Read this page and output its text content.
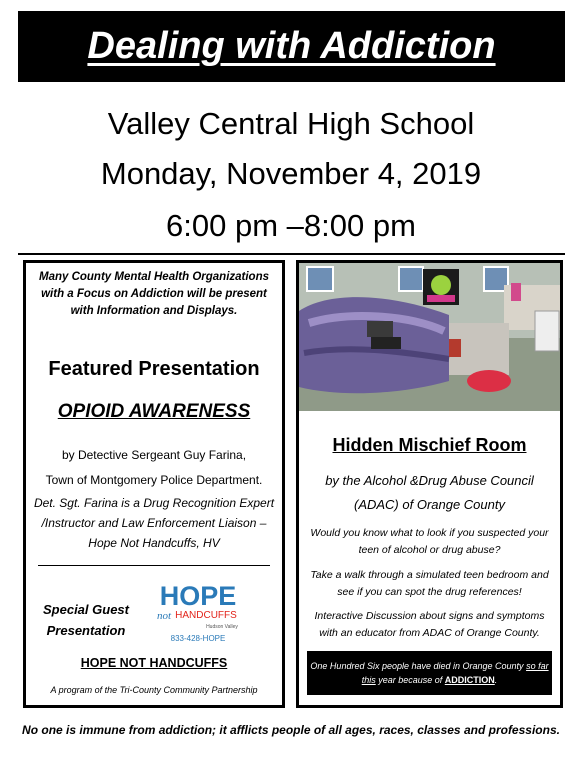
Dealing with Addiction
Valley Central High School
Monday, November 4, 2019
6:00 pm –8:00 pm
Many County Mental Health Organizations with a Focus on Addiction will be present with Information and Displays.
Featured Presentation
OPIOID AWARENESS
by Detective Sergeant Guy Farina,
Town of Montgomery Police Department.
Det. Sgt. Farina is a Drug Recognition Expert /Instructor and Law Enforcement Liaison –Hope Not Handcuffs, HV
Special Guest Presentation
HOPE
not HANDCUFFS
Hudson Valley
833-428-HOPE
HOPE NOT HANDCUFFS
A program of the Tri-County Community Partnership
Hidden Mischief Room
by the Alcohol &Drug Abuse Council (ADAC) of Orange County
Would you know what to look if you suspected your teen of alcohol or drug abuse?
Take a walk through a simulated teen bedroom and see if you can spot the drug references!
Interactive Discussion about signs and symptoms with an educator from ADAC of Orange County.
One Hundred Six people have died in Orange County so far this year because of ADDICTION.
No one is immune from addiction; it afflicts people of all ages, races, classes and professions.
